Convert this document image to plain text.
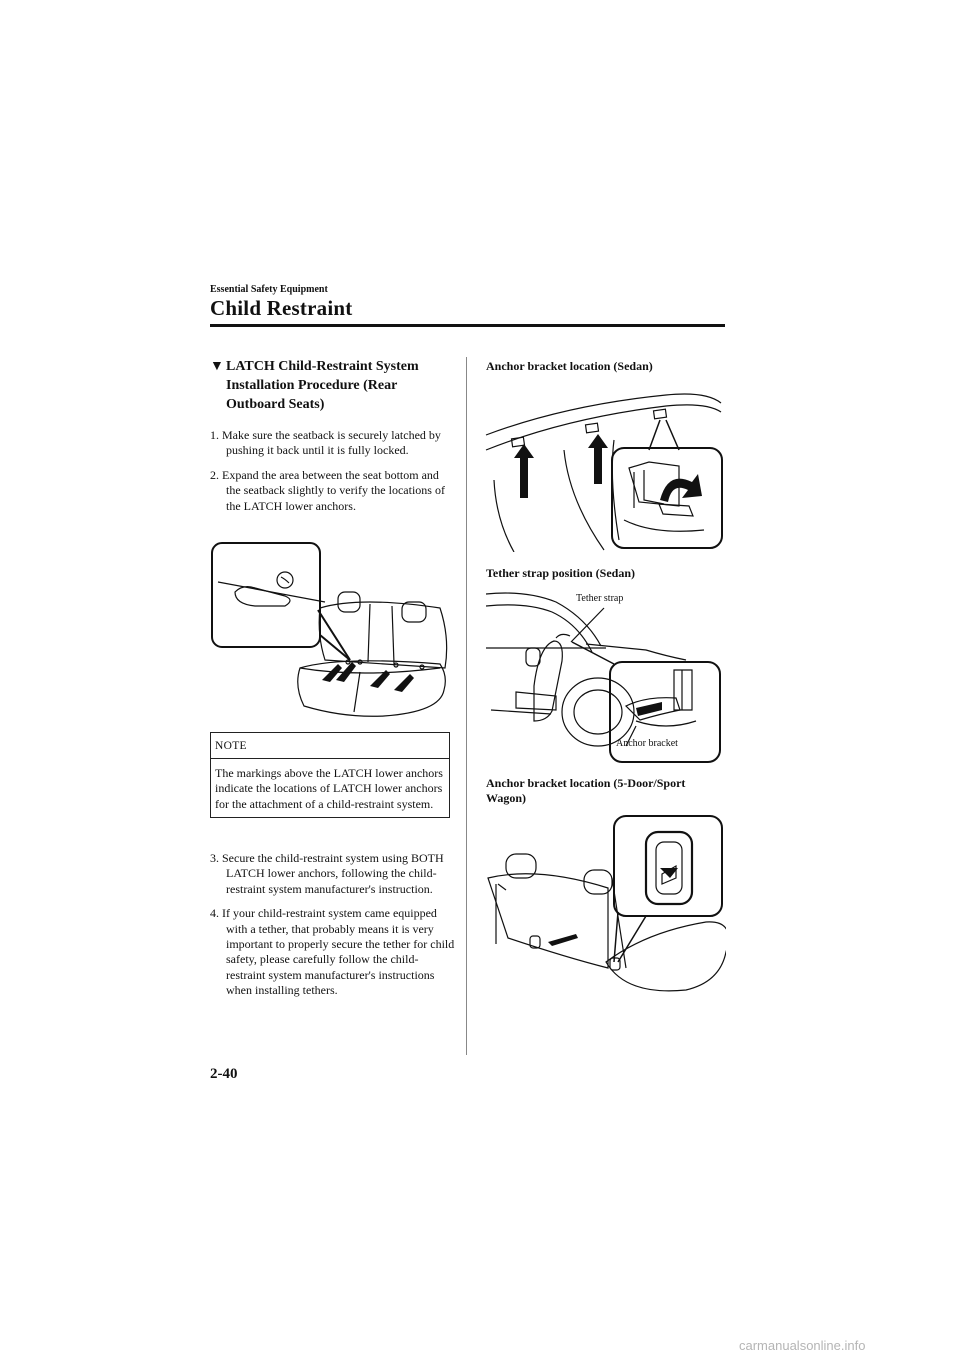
Essential Safety Equipment
Child Restraint
▼ LATCH Child-Restraint System Installation Procedure (Rear Outboard Seats)

1. Make sure the seatback is securely latched by pushing it back until it is fully locked.

2. Expand the area between the seat bottom and the seatback slightly to verify the locations of the LATCH lower anchors.

NOTE
The markings above the LATCH lower anchors indicate the locations of LATCH lower anchors for the attachment of a child-restraint system.

3. Secure the child-restraint system using BOTH LATCH lower anchors, following the child-restraint system manufacturer's instruction.

4. If your child-restraint system came equipped with a tether, that probably means it is very important to properly secure the tether for child safety, please carefully follow the child-restraint system manufacturer's instructions when installing tethers.

Anchor bracket location (Sedan)
Tether strap position (Sedan)
Tether strap
Anchor bracket
Anchor bracket location (5-Door/Sport Wagon)
2-40
carmanualsonline.info
